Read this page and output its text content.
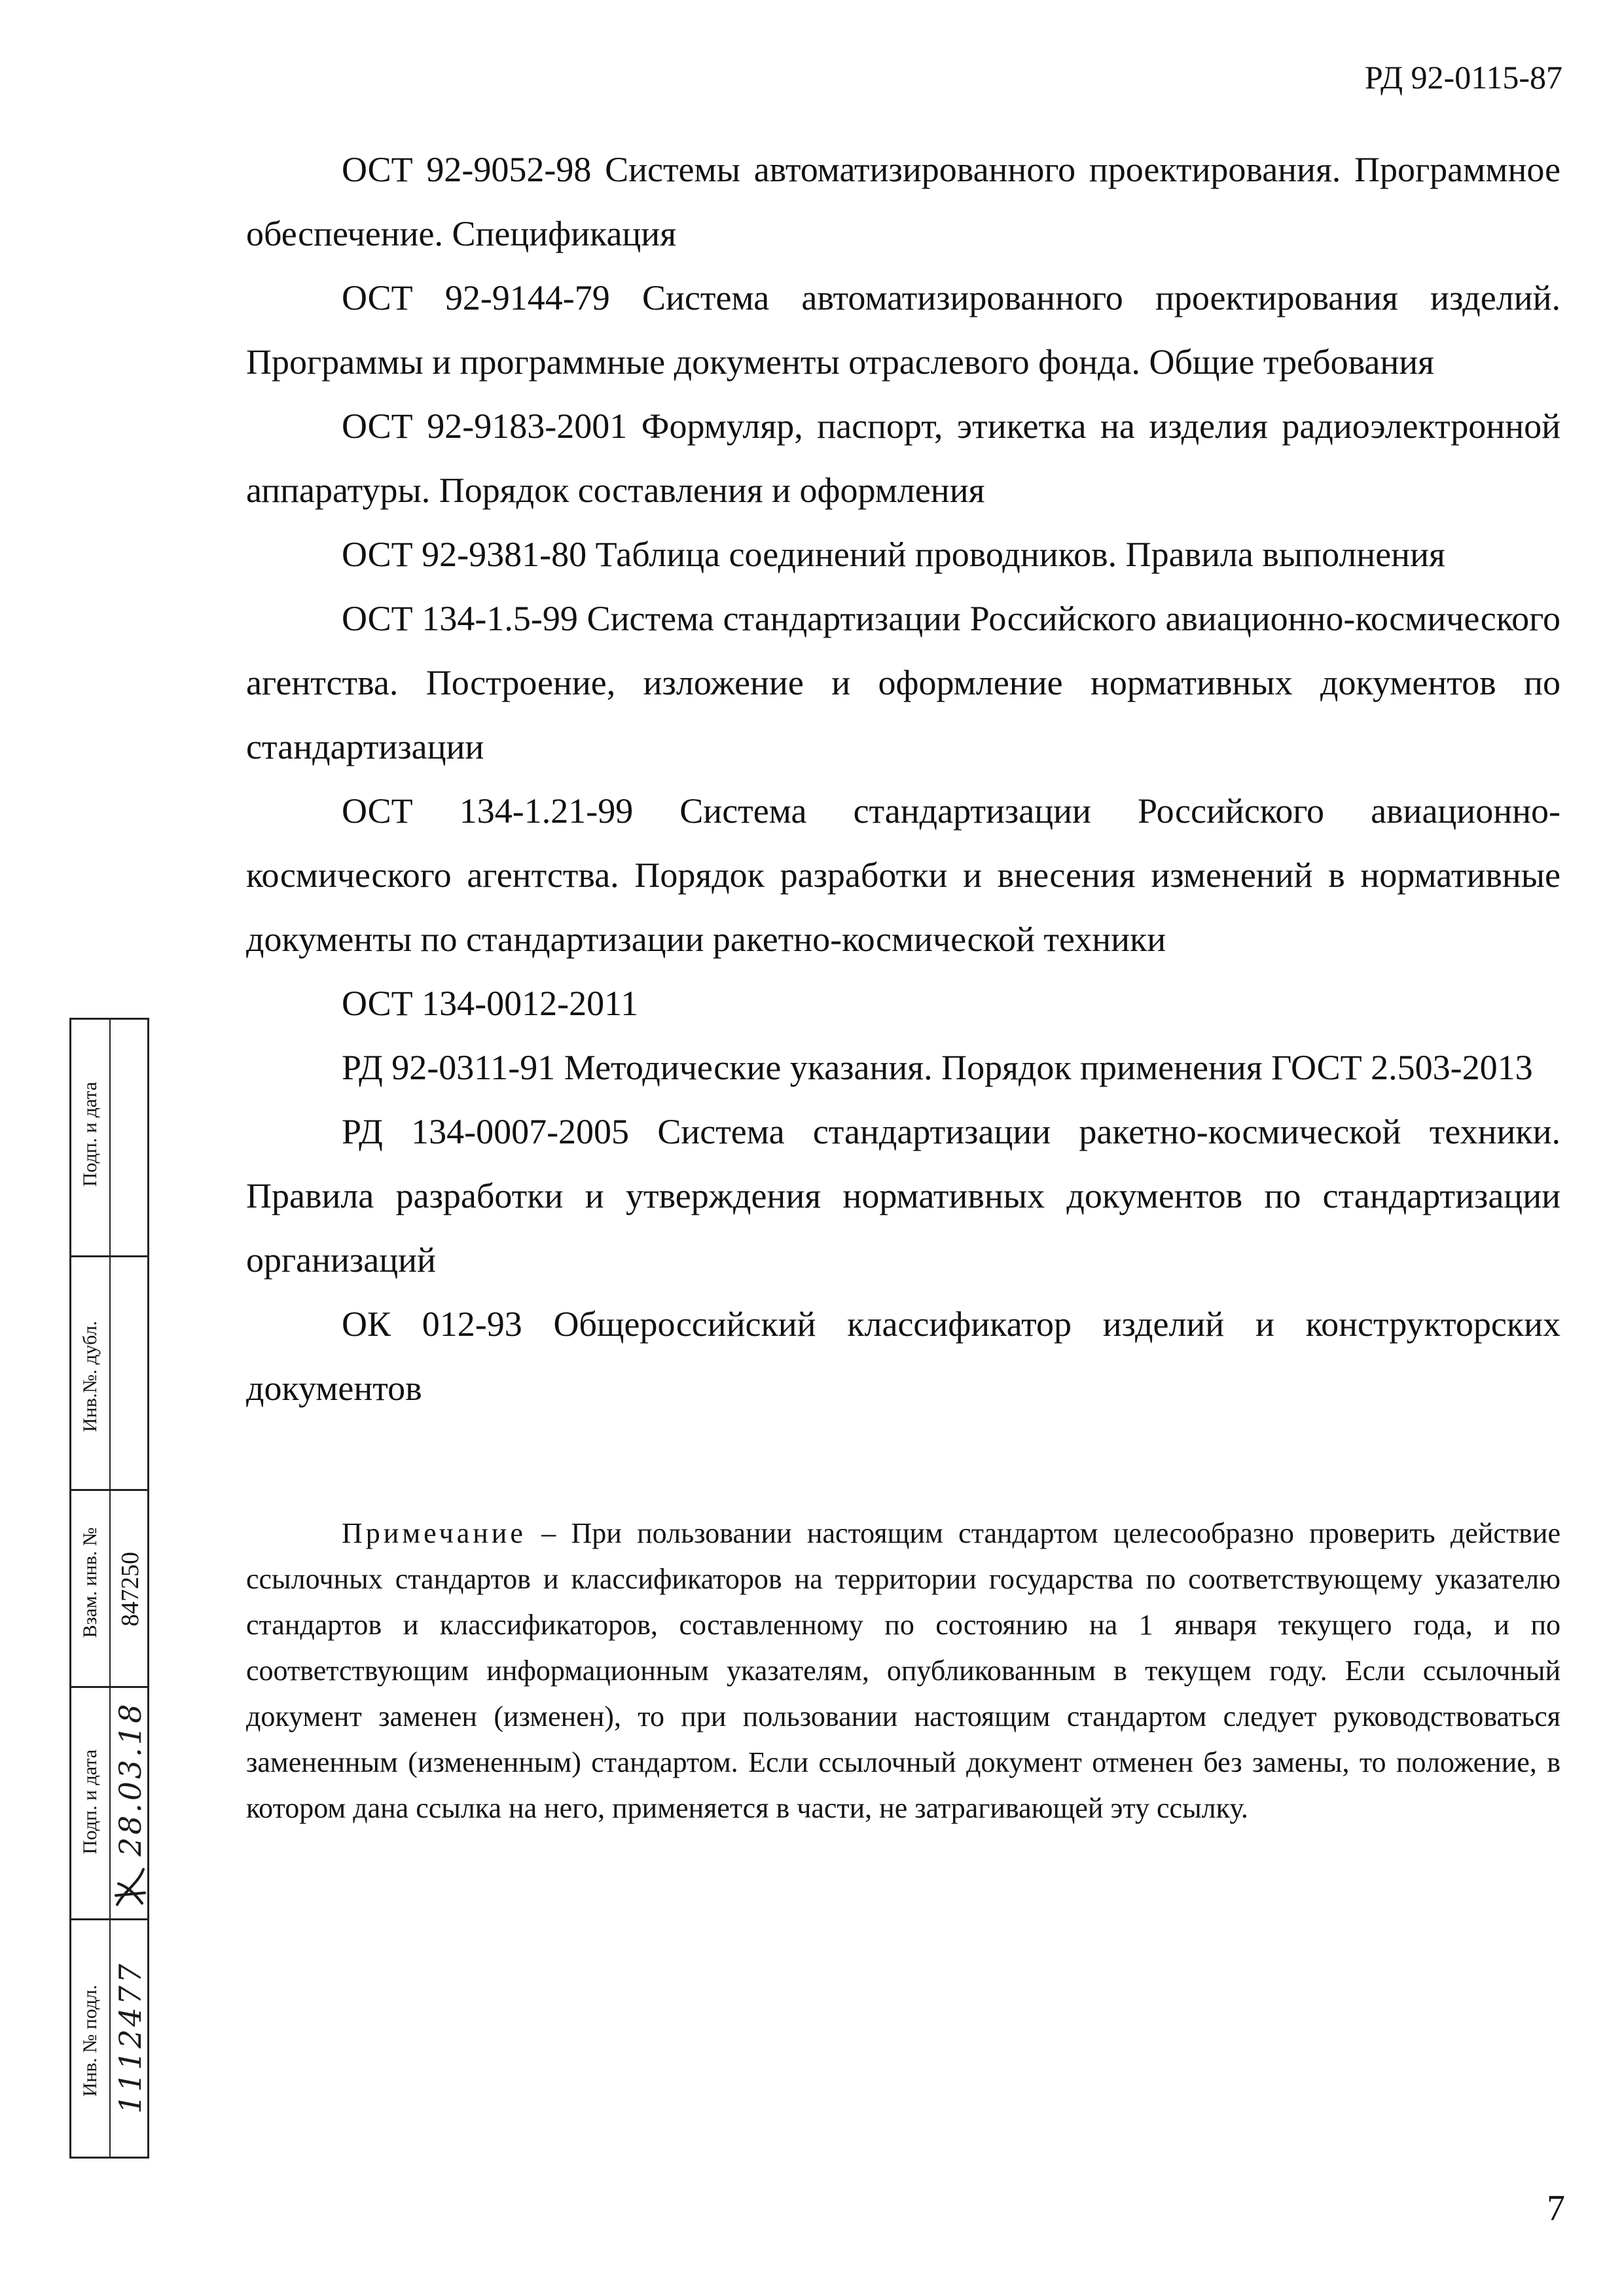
РД 92-0115-87

ОСТ 92-9052-98 Системы автоматизированного проектирования. Программное обеспечение. Спецификация

ОСТ 92-9144-79 Система автоматизированного проектирования изделий. Программы и программные документы отраслевого фонда. Общие требования

ОСТ 92-9183-2001 Формуляр, паспорт, этикетка на изделия радиоэлектронной аппаратуры. Порядок составления и оформления

ОСТ 92-9381-80 Таблица соединений проводников. Правила выполнения

ОСТ 134-1.5-99 Система стандартизации Российского авиационно-космического агентства. Построение, изложение и оформление нормативных документов по стандартизации

ОСТ 134-1.21-99 Система стандартизации Российского авиационно-космического агентства. Порядок разработки и внесения изменений в нормативные документы по стандартизации ракетно-космической техники

ОСТ 134-0012-2011

РД 92-0311-91 Методические указания. Порядок применения ГОСТ 2.503-2013

РД 134-0007-2005 Система стандартизации ракетно-космической техники. Правила разработки и утверждения нормативных документов по стандартизации организаций

ОК 012-93 Общероссийский классификатор изделий и конструкторских документов

Примечание – При пользовании настоящим стандартом целесообразно проверить действие ссылочных стандартов и классификаторов на территории государства по соответствующему указателю стандартов и классификаторов, составленному по состоянию на 1 января текущего года, и по соответствующим информационным указателям, опубликованным в текущем году. Если ссылочный документ заменен (изменен), то при пользовании настоящим стандартом следует руководствоваться замененным (измененным) стандартом. Если ссылочный документ отменен без замены, то положение, в котором дана ссылка на него, применяется в части, не затрагивающей эту ссылку.
Подп. и дата
Инв.№. дубл.
Взам. инв. № 847250
Подп. и дата 28.03.18
Инв. № подл. 1112477
7
